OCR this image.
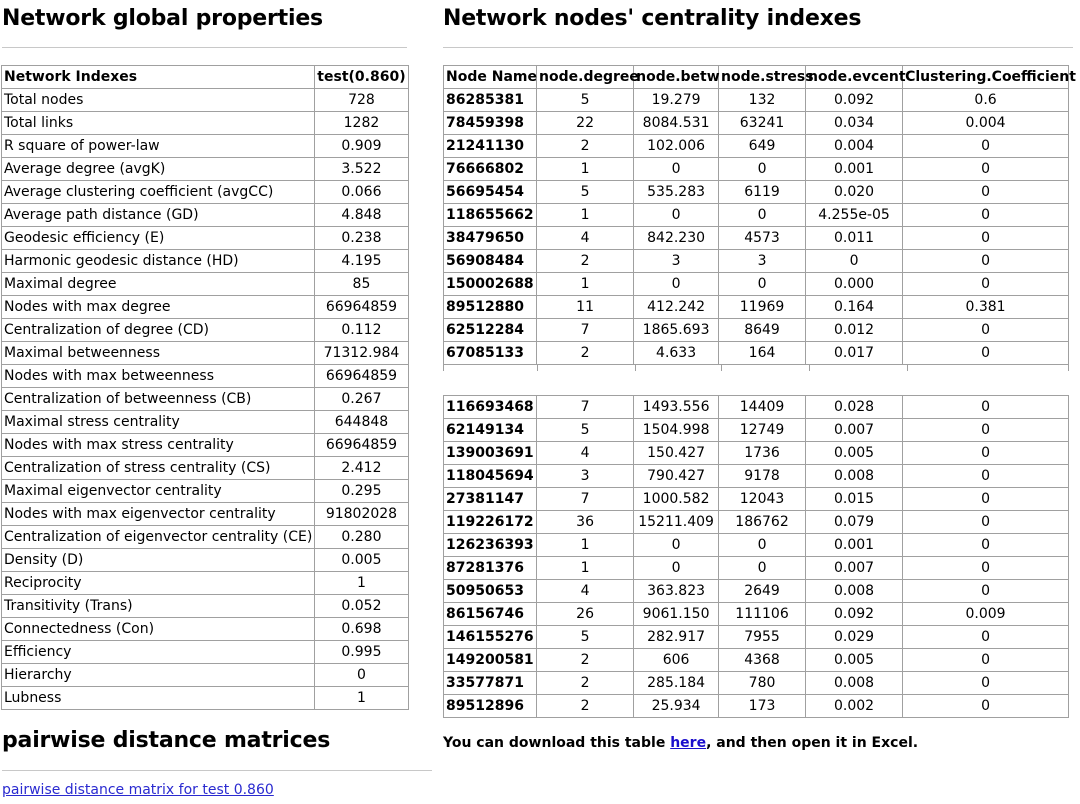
Network global properties
Network Indexes	test(0.860)
Total nodes	728
Total links	1282
R square of power-law	0.909
Average degree (avgK)	3.522
Average clustering coefficient (avgCC)	0.066
Average path distance (GD)	4.848
Geodesic efficiency (E)	0.238
Harmonic geodesic distance (HD)	4.195
Maximal degree	85
Nodes with max degree	66964859
Centralization of degree (CD)	0.112
Maximal betweenness	71312.984
Nodes with max betweenness	66964859
Centralization of betweenness (CB)	0.267
Maximal stress centrality	644848
Nodes with max stress centrality	66964859
Centralization of stress centrality (CS)	2.412
Maximal eigenvector centrality	0.295
Nodes with max eigenvector centrality	91802028
Centralization of eigenvector centrality (CE)	0.280
Density (D)	0.005
Reciprocity	1
Transitivity (Trans)	0.052
Connectedness (Con)	0.698
Efficiency	0.995
Hierarchy	0
Lubness	1
pairwise distance matrices
pairwise distance matrix for test 0.860
Network nodes' centrality indexes
Node Name	node.degree	node.betw	node.stress	node.evcent	Clustering.Coefficient
86285381	5	19.279	132	0.092	0.6
78459398	22	8084.531	63241	0.034	0.004
21241130	2	102.006	649	0.004	0
76666802	1	0	0	0.001	0
56695454	5	535.283	6119	0.020	0
118655662	1	0	0	4.255e-05	0
38479650	4	842.230	4573	0.011	0
56908484	2	3	3	0	0
150002688	1	0	0	0.000	0
89512880	11	412.242	11969	0.164	0.381
62512284	7	1865.693	8649	0.012	0
67085133	2	4.633	164	0.017	0
116693468	7	1493.556	14409	0.028	0
62149134	5	1504.998	12749	0.007	0
139003691	4	150.427	1736	0.005	0
118045694	3	790.427	9178	0.008	0
27381147	7	1000.582	12043	0.015	0
119226172	36	15211.409	186762	0.079	0
126236393	1	0	0	0.001	0
87281376	1	0	0	0.007	0
50950653	4	363.823	2649	0.008	0
86156746	26	9061.150	111106	0.092	0.009
146155276	5	282.917	7955	0.029	0
149200581	2	606	4368	0.005	0
33577871	2	285.184	780	0.008	0
89512896	2	25.934	173	0.002	0
You can download this table here, and then open it in Excel.
